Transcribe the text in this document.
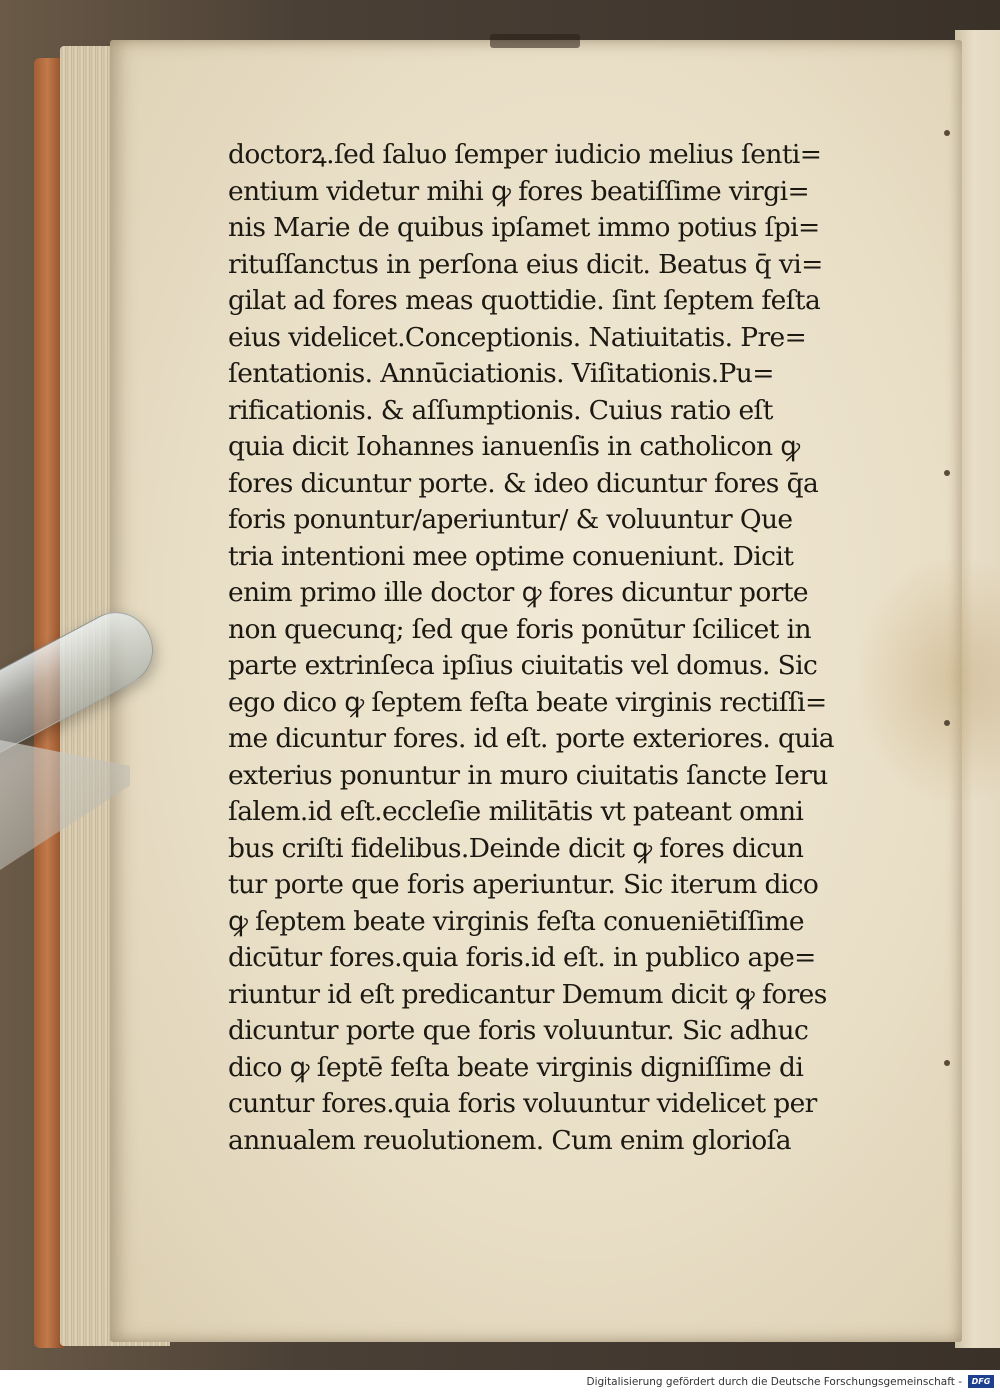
doctorꝝ.ſed ſaluo ſemper iudicio melius ſenti=
entium videtur mihi ꝙ fores beatiſſime virgi=
nis Marie de quibus ipſamet immo potius ſpi=
rituſſanctus in perſona eius dicit. Beatus q̄ vi=
gilat ad fores meas quottidie. ſint ſeptem feſta
eius videlicet.Conceptionis. Natiuitatis. Pre=
ſentationis. Annūciationis. Viſitationis.Pu=
rificationis. & aſſumptionis. Cuius ratio eſt
quia dicit Iohannes ianuenſis in catholicon ꝙ
fores dicuntur porte. & ideo dicuntur fores q̄a
foris ponuntur/aperiuntur/ & voluuntur Que
tria intentioni mee optime conueniunt. Dicit
enim primo ille doctor ꝙ fores dicuntur porte
non quecunq; ſed que foris ponūtur ſcilicet in
parte extrinſeca ipſius ciuitatis vel domus. Sic
ego dico ꝙ ſeptem feſta beate virginis rectiſſi=
me dicuntur fores. id eſt. porte exteriores. quia
exterius ponuntur in muro ciuitatis ſancte Ieru
ſalem.id eſt.eccleſie militātis vt pateant omni
bus criſti fidelibus.Deinde dicit ꝙ fores dicun
tur porte que foris aperiuntur. Sic iterum dico
ꝙ ſeptem beate virginis feſta conueniētiſſime
dicūtur fores.quia foris.id eſt. in publico ape=
riuntur id eſt predicantur Demum dicit ꝙ fores
dicuntur porte que foris voluuntur. Sic adhuc
dico ꝙ ſeptē feſta beate virginis digniſſime di
cuntur fores.quia foris voluuntur videlicet per
annualem reuolutionem. Cum enim glorioſa
Digitalisierung gefördert durch die Deutsche Forschungsgemeinschaft -	DFG
